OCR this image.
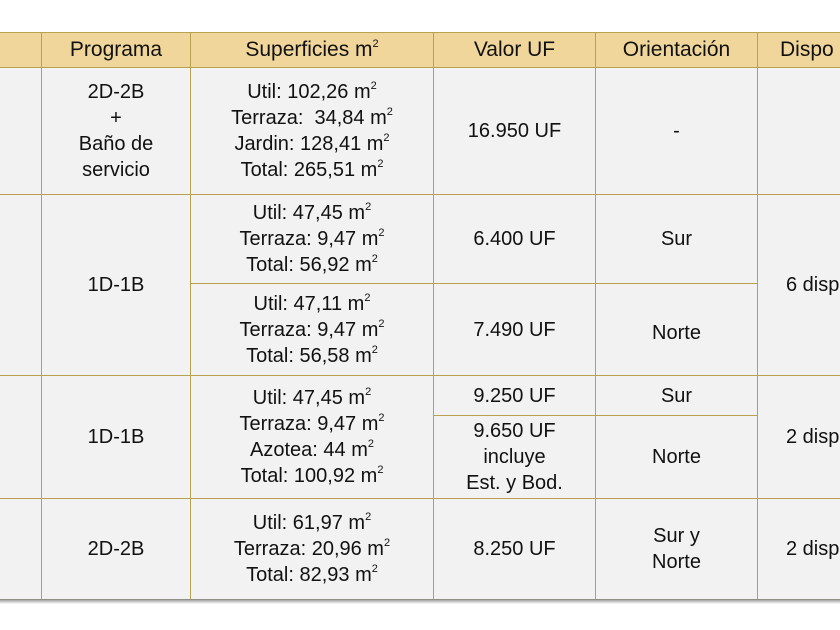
	Programa	Superficies $m^2$	Valor UF	Orientación	Dispo

	2D-2B
+
Baño de
servicio	Util: 102,26 $m^2$
Terraza:  34,84 $m^2$
Jardin: 128,41 $m^2$
Total: 265,51 $m^2$	16.950 UF	-	

	1D-1B	Util: 47,45 $m^2$
Terraza: 9,47 $m^2$
Total: 56,92 $m^2$	6.400 UF	Sur	6 disp

		Util: 47,11 $m^2$
Terraza: 9,47 $m^2$
Total: 56,58 $m^2$	7.490 UF	Norte	

	1D-1B	Util: 47,45 $m^2$
Terraza: 9,47 $m^2$
Azotea: 44 $m^2$
Total: 100,92 $m^2$	9.250 UF	Sur	2 disp

			9.650 UF
incluye
Est. y Bod.	Norte	

	2D-2B	Util: 61,97 $m^2$
Terraza: 20,96 $m^2$
Total: 82,93 $m^2$	8.250 UF	Sur y
Norte	2 disp
